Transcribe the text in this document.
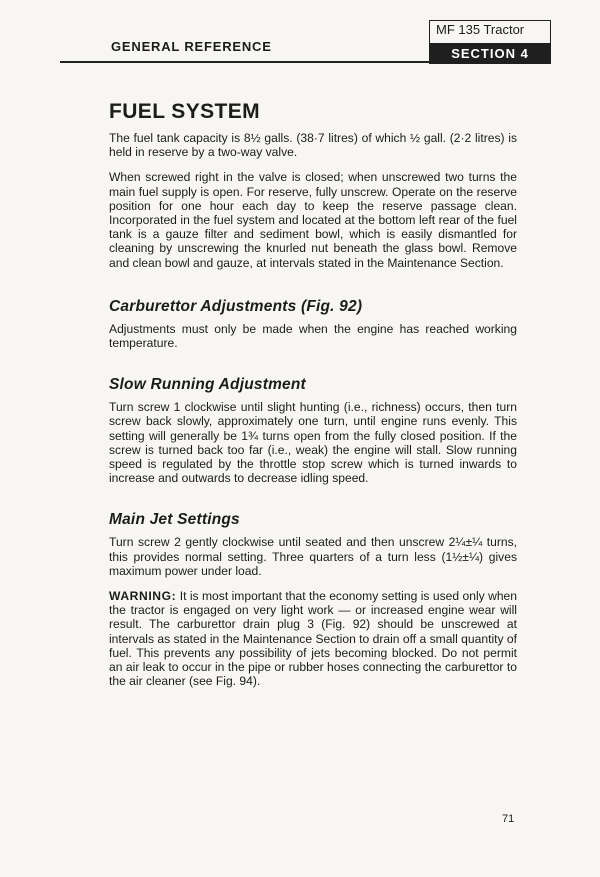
GENERAL REFERENCE
MF 135 Tractor
SECTION 4
FUEL SYSTEM

The fuel tank capacity is 8½ galls. (38·7 litres) of which ½ gall. (2·2 litres) is held in reserve by a two-way valve.

When screwed right in the valve is closed; when unscrewed two turns the main fuel supply is open. For reserve, fully unscrew. Operate on the reserve position for one hour each day to keep the reserve passage clean. Incorporated in the fuel system and located at the bottom left rear of the fuel tank is a gauze filter and sediment bowl, which is easily dismantled for cleaning by unscrewing the knurled nut beneath the glass bowl. Remove and clean bowl and gauze, at intervals stated in the Maintenance Section.

Carburettor Adjustments (Fig. 92)

Adjustments must only be made when the engine has reached working temperature.

Slow Running Adjustment

Turn screw 1 clockwise until slight hunting (i.e., richness) occurs, then turn screw back slowly, approximately one turn, until engine runs evenly. This setting will generally be 1¾ turns open from the fully closed position. If the screw is turned back too far (i.e., weak) the engine will stall. Slow running speed is regulated by the throttle stop screw which is turned inwards to increase and outwards to decrease idling speed.

Main Jet Settings

Turn screw 2 gently clockwise until seated and then unscrew 2¼±¼ turns, this provides normal setting. Three quarters of a turn less (1½±¼) gives maximum power under load.

WARNING: It is most important that the economy setting is used only when the tractor is engaged on very light work — or increased engine wear will result. The carburettor drain plug 3 (Fig. 92) should be unscrewed at intervals as stated in the Maintenance Section to drain off a small quantity of fuel. This prevents any possibility of jets becoming blocked. Do not permit an air leak to occur in the pipe or rubber hoses connecting the carburettor to the air cleaner (see Fig. 94).

71
